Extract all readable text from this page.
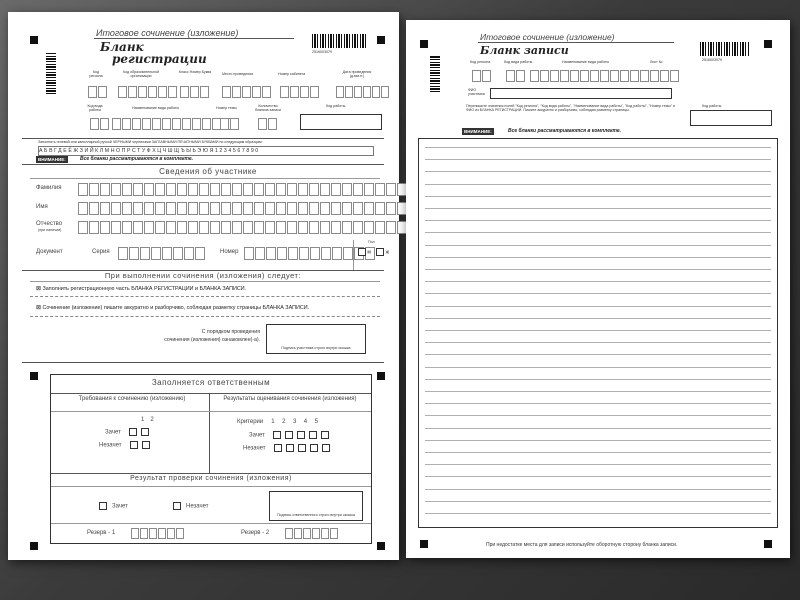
Итоговое сочинение (изложение)
Бланк
регистрации	2516003079
Код региона
Код образовательной организации
Класс Номер Буква	Место проведения	Номер кабинета	Дата проведения (д.мм.гг.)
Код вида работы	Наименование вида работы	Номер темы	Количество бланков записи
Код работы
Заполнять гелевой или капиллярной ручкой ЧЕРНЫМИ чернилами ЗАГЛАВНЫМИ ПЕЧАТНЫМИ БУКВАМИ по следующим образцам:
АБВГДЕЁЖЗИЙКЛМНОПРСТУФХЦЧШЩЪЫЬЭЮЯ1234567890
ВНИМАНИЕ:	Все бланки рассматриваются в комплекте.
Сведения об участнике
Фамилия
Имя
Отчество
(при наличии)
Документ	Серия	Номер
Пол
м	ж
При выполнении сочинения (изложения) следует:
⊠ Заполнить регистрационную часть БЛАНКА РЕГИСТРАЦИИ и БЛАНКА ЗАПИСИ.
⊠ Сочинение (изложение) пишите аккуратно и разборчиво, соблюдая разметку страницы БЛАНКА ЗАПИСИ.
С порядком проведения
сочинения (изложения) ознакомлен(-а).
Подпись участника строго внутри окошка
Заполняется ответственным
Требования к сочинению (изложению)	Результаты оценивания сочинения (изложения)
12
Зачет
Незачет
Критерии 12345
Зачет
Незачет
Результат проверки сочинения (изложения)
Зачет	Незачет
Подпись ответственного строго внутри окошка
Резерв - 1	Резерв - 2
Итоговое сочинение (изложение)
Бланк записи
2516003079
Код региона	Код вида работы	Наименование вида работы	Лист №
ФИО участника
Код работы
Перепишите значения полей "Код региона", "Код вида работы", "Наименование вида работы", "Код работы", "Номер темы" и ФИО из БЛАНКА РЕГИСТРАЦИИ. Пишите аккуратно и разборчиво, соблюдая разметку страницы.
ВНИМАНИЕ:	Все бланки рассматриваются в комплекте.
При недостатке места для записи используйте оборотную сторону бланка записи.
